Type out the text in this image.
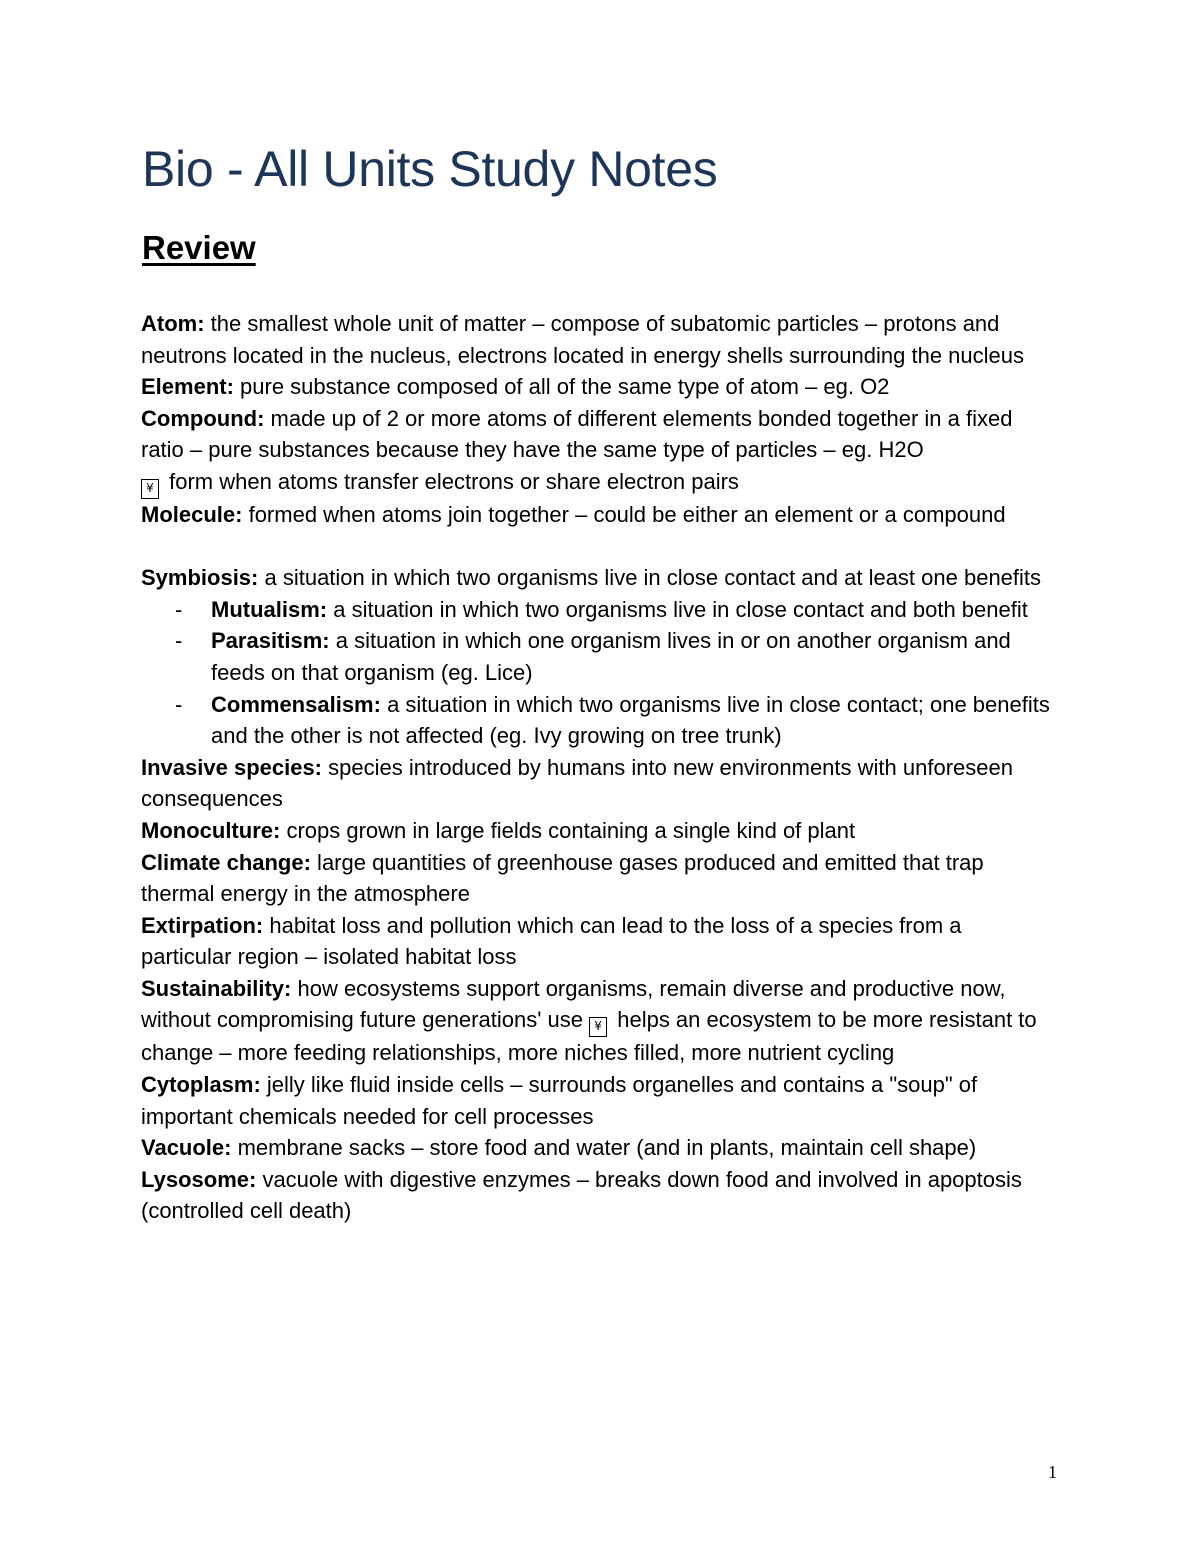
Bio - All Units Study Notes
Review

Atom: the smallest whole unit of matter – compose of subatomic particles – protons and neutrons located in the nucleus, electrons located in energy shells surrounding the nucleus

Element: pure substance composed of all of the same type of atom – eg. O2

Compound: made up of 2 or more atoms of different elements bonded together in a fixed ratio – pure substances because they have the same type of particles – eg. H2O

¥ form when atoms transfer electrons or share electron pairs

Molecule: formed when atoms join together – could be either an element or a compound

Symbiosis: a situation in which two organisms live in close contact and at least one benefits

- Mutualism: a situation in which two organisms live in close contact and both benefit
- Parasitism: a situation in which one organism lives in or on another organism and feeds on that organism (eg. Lice)
- Commensalism: a situation in which two organisms live in close contact; one benefits and the other is not affected (eg. Ivy growing on tree trunk)

Invasive species: species introduced by humans into new environments with unforeseen consequences

Monoculture: crops grown in large fields containing a single kind of plant

Climate change: large quantities of greenhouse gases produced and emitted that trap thermal energy in the atmosphere

Extirpation: habitat loss and pollution which can lead to the loss of a species from a particular region – isolated habitat loss

Sustainability: how ecosystems support organisms, remain diverse and productive now, without compromising future generations' use ¥ helps an ecosystem to be more resistant to change – more feeding relationships, more niches filled, more nutrient cycling

Cytoplasm: jelly like fluid inside cells – surrounds organelles and contains a "soup" of important chemicals needed for cell processes

Vacuole: membrane sacks – store food and water (and in plants, maintain cell shape)

Lysosome: vacuole with digestive enzymes – breaks down food and involved in apoptosis (controlled cell death)

1
